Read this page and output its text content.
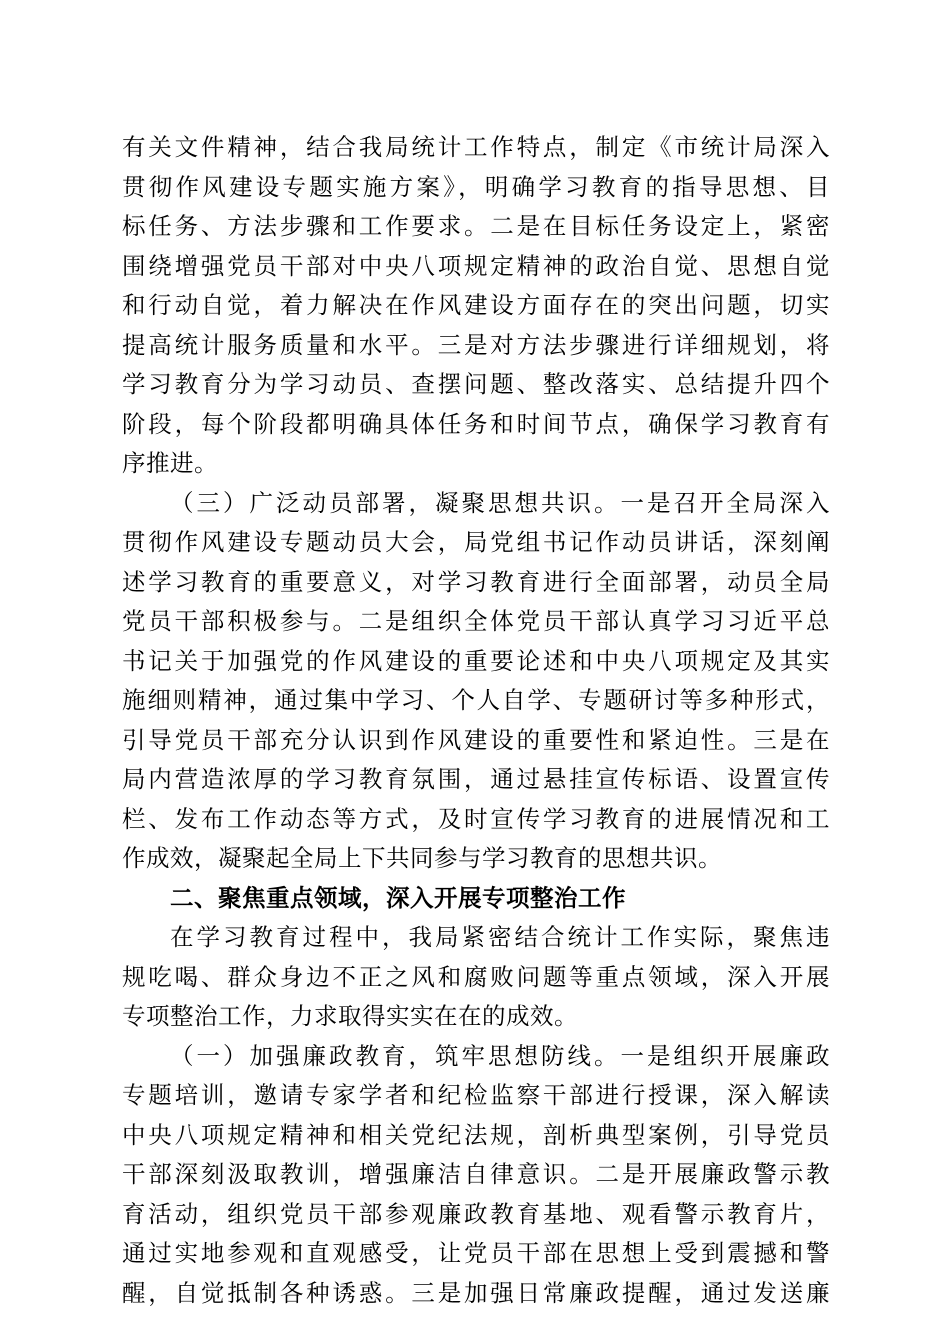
有关文件精神，结合我局统计工作特点，制定《市统计局深入
贯彻作风建设专题实施方案》，明确学习教育的指导思想、目
标任务、方法步骤和工作要求。二是在目标任务设定上，紧密
围绕增强党员干部对中央八项规定精神的政治自觉、思想自觉
和行动自觉，着力解决在作风建设方面存在的突出问题，切实
提高统计服务质量和水平。三是对方法步骤进行详细规划，将
学习教育分为学习动员、查摆问题、整改落实、总结提升四个
阶段，每个阶段都明确具体任务和时间节点，确保学习教育有
序推进。
（三）广泛动员部署，凝聚思想共识。一是召开全局深入
贯彻作风建设专题动员大会，局党组书记作动员讲话，深刻阐
述学习教育的重要意义，对学习教育进行全面部署，动员全局
党员干部积极参与。二是组织全体党员干部认真学习习近平总
书记关于加强党的作风建设的重要论述和中央八项规定及其实
施细则精神，通过集中学习、个人自学、专题研讨等多种形式，
引导党员干部充分认识到作风建设的重要性和紧迫性。三是在
局内营造浓厚的学习教育氛围，通过悬挂宣传标语、设置宣传
栏、发布工作动态等方式，及时宣传学习教育的进展情况和工
作成效，凝聚起全局上下共同参与学习教育的思想共识。
二、聚焦重点领域，深入开展专项整治工作
在学习教育过程中，我局紧密结合统计工作实际，聚焦违
规吃喝、群众身边不正之风和腐败问题等重点领域，深入开展
专项整治工作，力求取得实实在在的成效。
（一）加强廉政教育，筑牢思想防线。一是组织开展廉政
专题培训，邀请专家学者和纪检监察干部进行授课，深入解读
中央八项规定精神和相关党纪法规，剖析典型案例，引导党员
干部深刻汲取教训，增强廉洁自律意识。二是开展廉政警示教
育活动，组织党员干部参观廉政教育基地、观看警示教育片，
通过实地参观和直观感受，让党员干部在思想上受到震撼和警
醒，自觉抵制各种诱惑。三是加强日常廉政提醒，通过发送廉
